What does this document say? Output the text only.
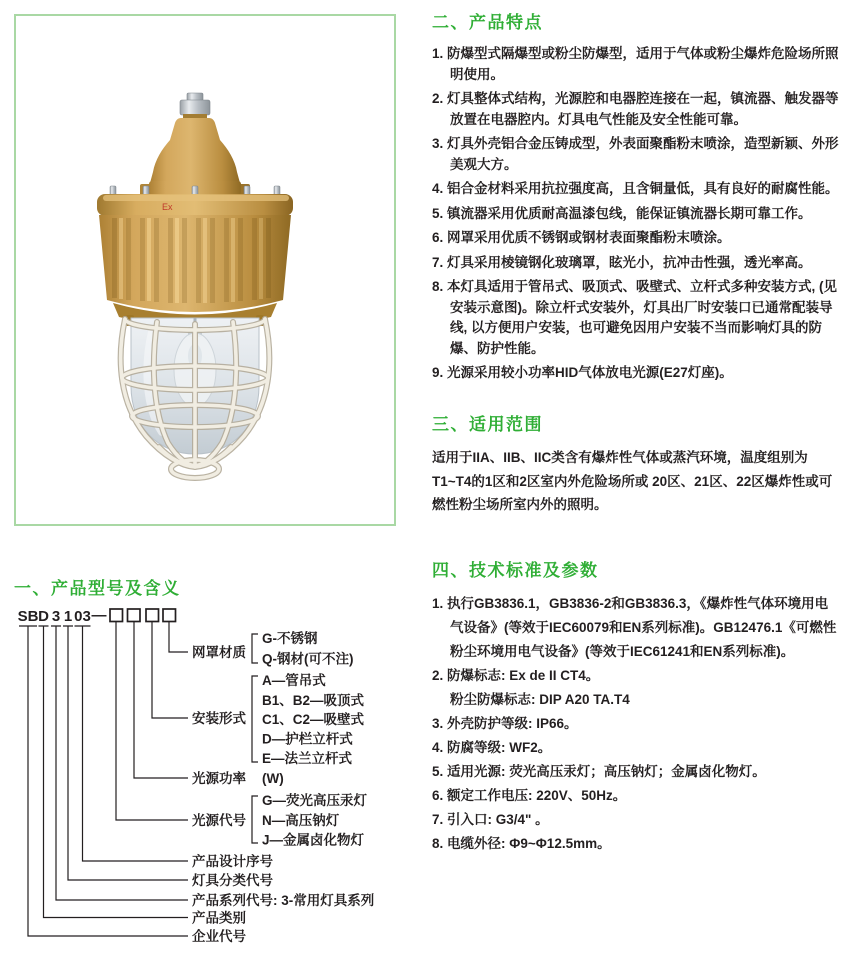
Ex
一、产品型号及含义
SB D 3 1 03 —
网罩材质
安装形式
光源功率
光源代号
产品设计序号
灯具分类代号
产品系列代号: 3-常用灯具系列
产品类别
企业代号
G-不锈钢
Q-钢材(可不注)
A—管吊式
B1、B2—吸顶式
C1、C2—吸壁式
D—护栏立杆式
E—法兰立杆式
(W)
G—荧光高压汞灯
N—高压钠灯
J—金属卤化物灯
二、产品特点
1. 防爆型式隔爆型或粉尘防爆型，适用于气体或粉尘爆炸危险场所照明使用。
2. 灯具整体式结构，光源腔和电器腔连接在一起，镇流器、触发器等放置在电器腔内。灯具电气性能及安全性能可靠。
3. 灯具外壳铝合金压铸成型，外表面聚酯粉末喷涂，造型新颖、外形美观大方。
4. 铝合金材料采用抗拉强度高，且含铜量低，具有良好的耐腐性能。
5. 镇流器采用优质耐高温漆包线，能保证镇流器长期可靠工作。
6. 网罩采用优质不锈钢或钢材表面聚酯粉末喷涂。
7. 灯具采用棱镜钢化玻璃罩，眩光小，抗冲击性强，透光率高。
8. 本灯具适用于管吊式、吸顶式、吸壁式、立杆式多种安装方式, (见安装示意图)。除立杆式安装外，灯具出厂时安装口已通常配装导线, 以方便用户安装，也可避免因用户安装不当而影响灯具的防爆、防护性能。
9. 光源采用较小功率HID气体放电光源(E27灯座)。
三、适用范围

适用于IIA、IIB、IIC类含有爆炸性气体或蒸汽环境，温度组别为T1~T4的1区和2区室内外危险场所或 20区、21区、22区爆炸性或可燃性粉尘场所室内外的照明。

四、技术标准及参数
1. 执行GB3836.1，GB3836-2和GB3836.3，《爆炸性气体环境用电气设备》(等效于IEC60079和EN系列标准)。GB12476.1《可燃性粉尘环境用电气设备》(等效于IEC61241和EN系列标准)。
2. 防爆标志: Ex de II CT4。
粉尘防爆标志: DIP A20 TA.T4
3. 外壳防护等级: IP66。
4. 防腐等级: WF2。
5. 适用光源: 荧光高压汞灯；高压钠灯；金属卤化物灯。
6. 额定工作电压: 220V、50Hz。
7. 引入口: G3/4" 。
8. 电缆外径: Φ9~Φ12.5mm。
